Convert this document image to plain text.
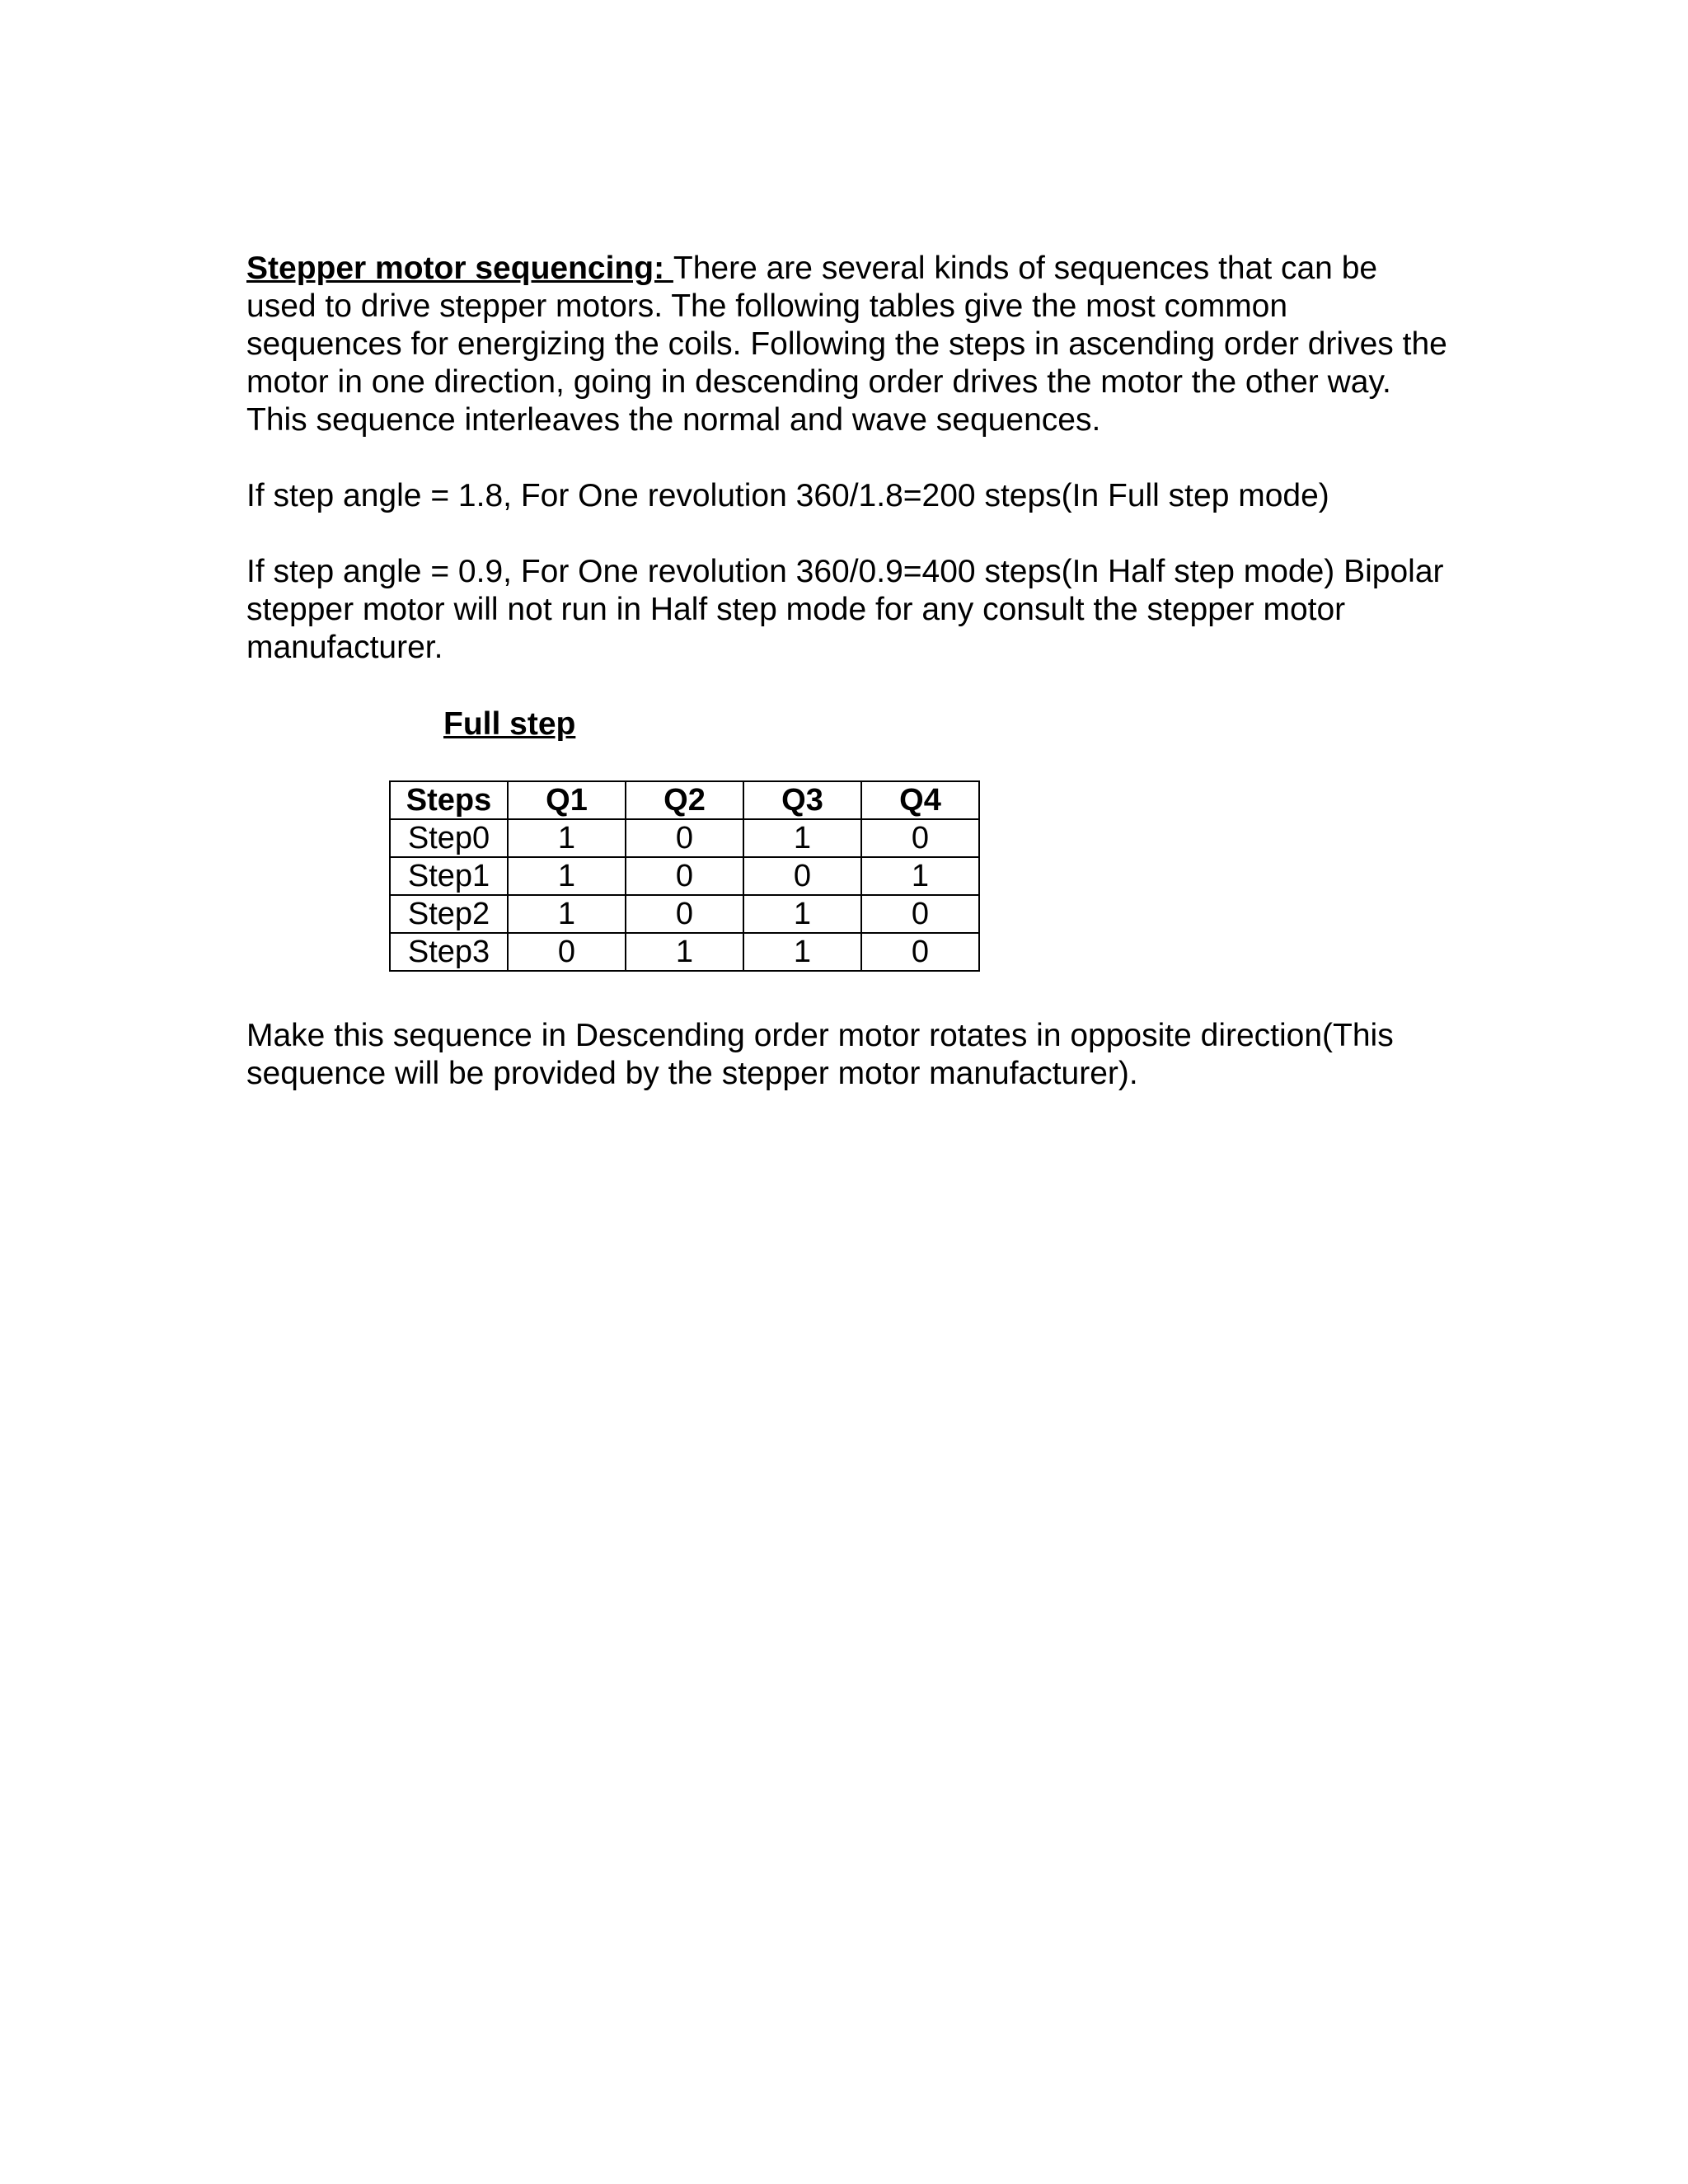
Stepper motor sequencing: There are several kinds of sequences that can be used to drive stepper motors. The following tables give the most common sequences for energizing the coils. Following the steps in ascending order drives the motor in one direction, going in descending order drives the motor the other way. This sequence interleaves the normal and wave sequences.

If step angle = 1.8, For One revolution 360/1.8=200 steps(In Full step mode)

If step angle = 0.9, For One revolution 360/0.9=400 steps(In Half step mode) Bipolar stepper motor will not run in Half step mode for any consult the stepper motor manufacturer.

Full step

Steps	Q1	Q2	Q3	Q4
Step0	1	0	1	0
Step1	1	0	0	1
Step2	1	0	1	0
Step3	0	1	1	0

Make this sequence in Descending order motor rotates in opposite direction(This sequence will be provided by the stepper motor manufacturer).
